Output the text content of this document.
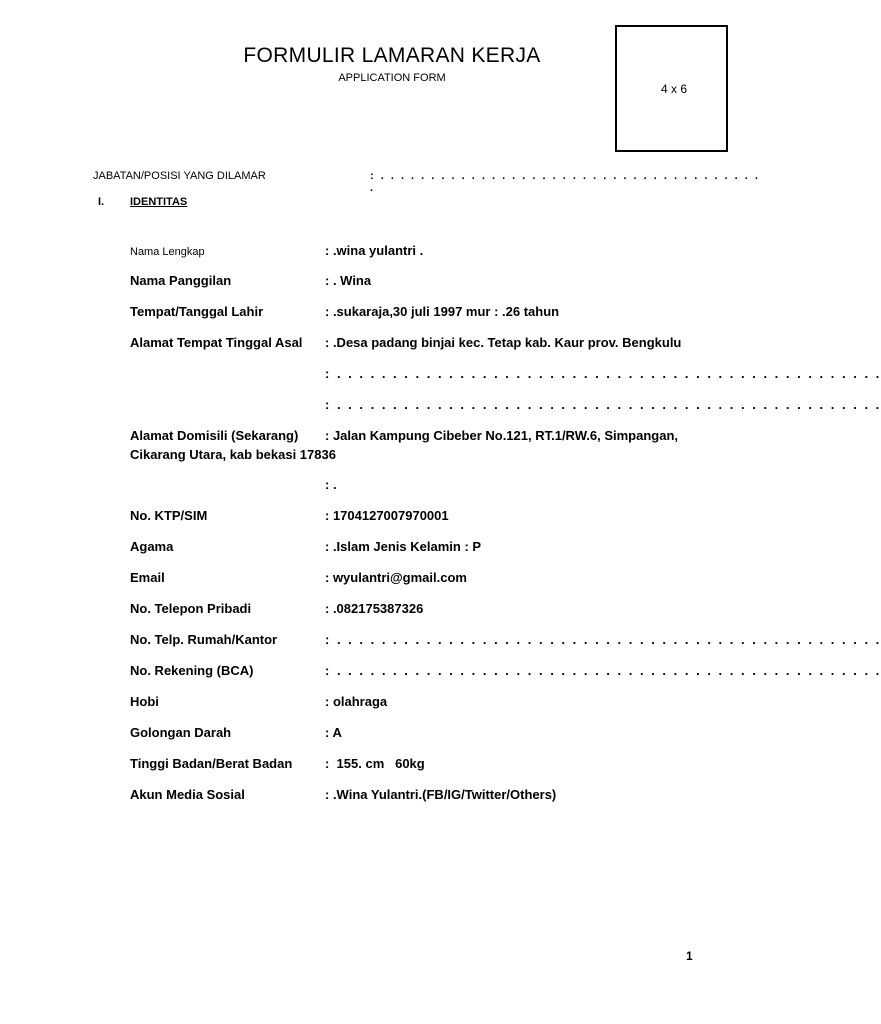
FORMULIR LAMARAN KERJA
APPLICATION FORM
4 x 6
JABATAN/POSISI YANG DILAMAR	: . . . . . . . . . . . . . . . . . . . . . . . . . . . . . . . . . . . . . . .
I. IDENTITAS
Nama Lengkap	: .wina yulantri .
Nama Panggilan	: . Wina
Tempat/Tanggal Lahir	: .sukaraja,30 juli 1997 mur : .26 tahun
Alamat Tempat Tinggal Asal : .Desa padang binjai kec. Tetap kab. Kaur prov. Bengkulu
: . . . . . . . . . . . . . . . . . . . . . . . . . . . . . . . . . . . . . . . . . . . . . . . . .
: . . . . . . . . . . . . . . . . . . . . . . . . . . . . . . . . . . . . . . . . . . . . . . . . .
Alamat Domisili (Sekarang) : Jalan Kampung Cibeber No.121, RT.1/RW.6, Simpangan,
Cikarang Utara, kab bekasi 17836
: .
No. KTP/SIM	: 1704127007970001
Agama	: .Islam Jenis Kelamin : P
Email	: wyulantri@gmail.com
No. Telepon Pribadi	: .082175387326
No. Telp. Rumah/Kantor	: . . . . . . . . . . . . . . . . . . . . . . . . . . . . . . . . . . . . . . . . . . . . . . . . .
No. Rekening (BCA)	: . . . . . . . . . . . . . . . . . . . . . . . . . . . . . . . . . . . . . . . . . . . . . . . . .
Hobi	: olahraga
Golongan Darah	: A
Tinggi Badan/Berat Badan	:  155. cm   60kg
Akun Media Sosial	: .Wina Yulantri.(FB/IG/Twitter/Others)
1
